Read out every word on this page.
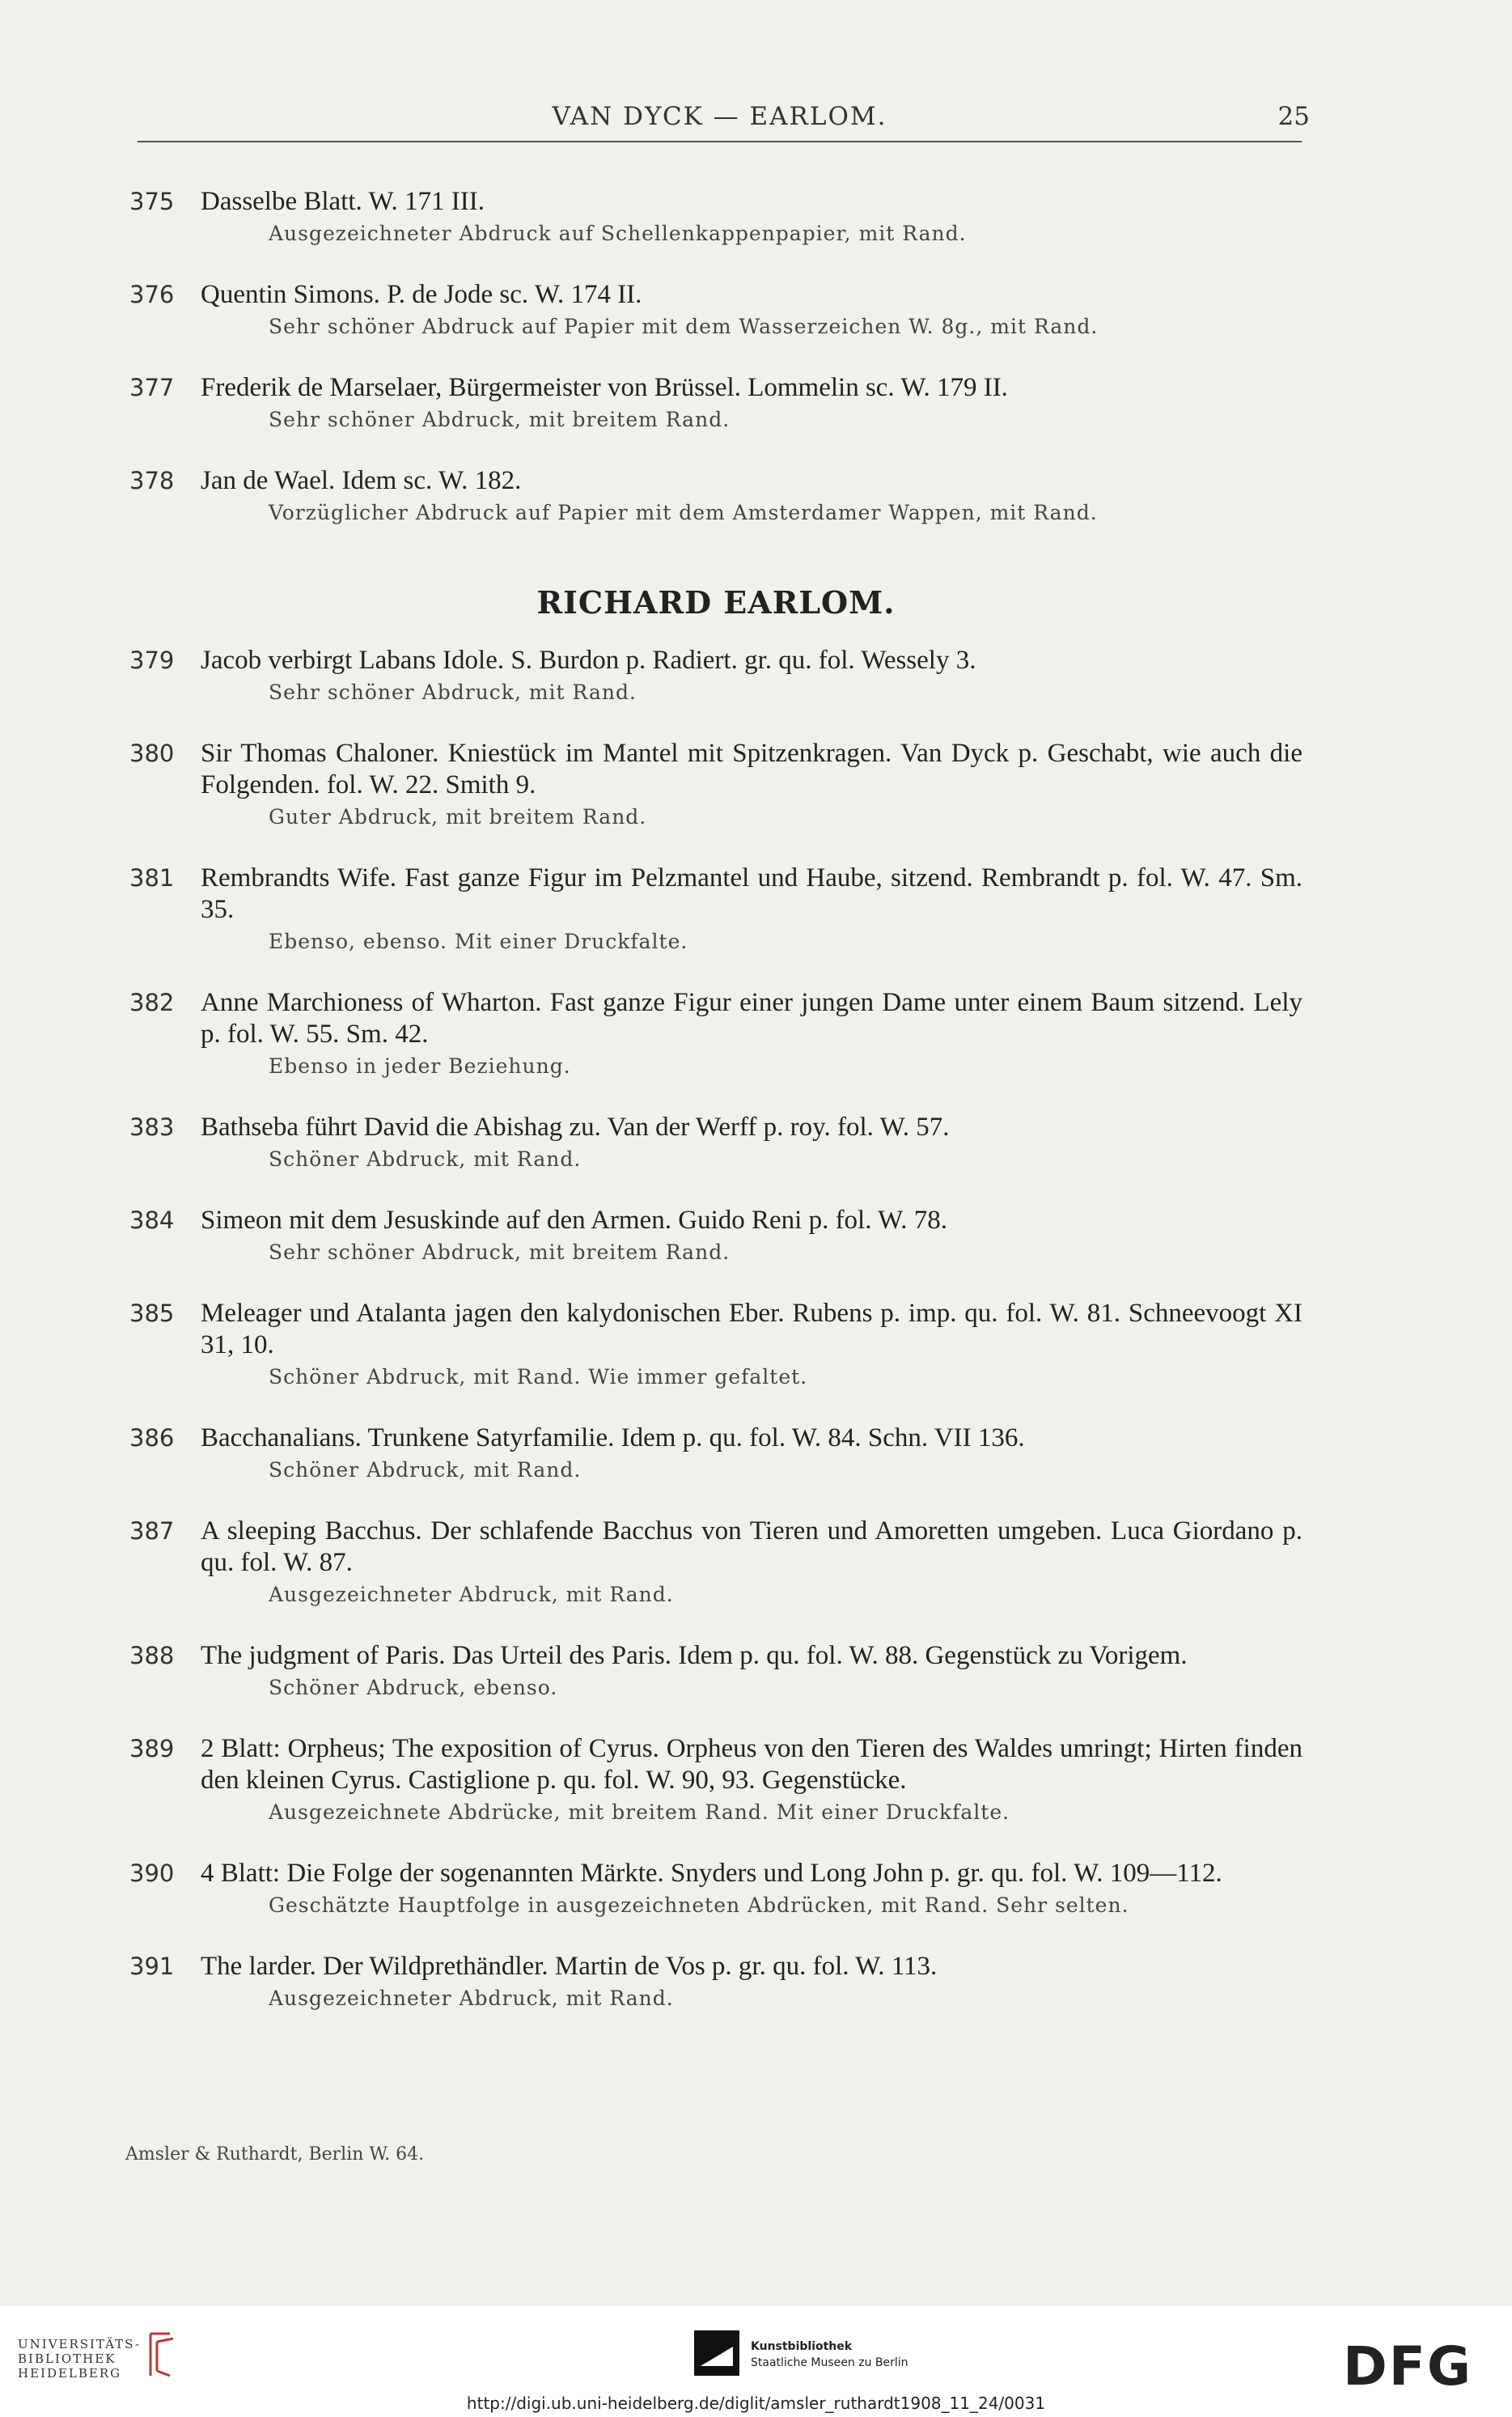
VAN DYCK — EARLOM.	25
375 Dasselbe Blatt. W. 171 III.
Ausgezeichneter Abdruck auf Schellenkappenpapier, mit Rand.
376 Quentin Simons. P. de Jode sc. W. 174 II.
Sehr schöner Abdruck auf Papier mit dem Wasserzeichen W. 8g., mit Rand.
377 Frederik de Marselaer, Bürgermeister von Brüssel. Lommelin sc. W. 179 II.
Sehr schöner Abdruck, mit breitem Rand.
378 Jan de Wael. Idem sc. W. 182.
Vorzüglicher Abdruck auf Papier mit dem Amsterdamer Wappen, mit Rand.
RICHARD EARLOM.
379 Jacob verbirgt Labans Idole. S. Burdon p. Radiert. gr. qu. fol. Wessely 3.
Sehr schöner Abdruck, mit Rand.
380 Sir Thomas Chaloner. Kniestück im Mantel mit Spitzenkragen. Van Dyck p. Geschabt, wie auch die Folgenden. fol. W. 22. Smith 9.
Guter Abdruck, mit breitem Rand.
381 Rembrandts Wife. Fast ganze Figur im Pelzmantel und Haube, sitzend. Rembrandt p. fol. W. 47. Sm. 35.
Ebenso, ebenso. Mit einer Druckfalte.
382 Anne Marchioness of Wharton. Fast ganze Figur einer jungen Dame unter einem Baum sitzend. Lely p. fol. W. 55. Sm. 42.
Ebenso in jeder Beziehung.
383 Bathseba führt David die Abishag zu. Van der Werff p. roy. fol. W. 57.
Schöner Abdruck, mit Rand.
384 Simeon mit dem Jesuskinde auf den Armen. Guido Reni p. fol. W. 78.
Sehr schöner Abdruck, mit breitem Rand.
385 Meleager und Atalanta jagen den kalydonischen Eber. Rubens p. imp. qu. fol. W. 81. Schneevoogt XI 31, 10.
Schöner Abdruck, mit Rand. Wie immer gefaltet.
386 Bacchanalians. Trunkene Satyrfamilie. Idem p. qu. fol. W. 84. Schn. VII 136.
Schöner Abdruck, mit Rand.
387 A sleeping Bacchus. Der schlafende Bacchus von Tieren und Amoretten umgeben. Luca Giordano p. qu. fol. W. 87.
Ausgezeichneter Abdruck, mit Rand.
388 The judgment of Paris. Das Urteil des Paris. Idem p. qu. fol. W. 88. Gegenstück zu Vorigem.
Schöner Abdruck, ebenso.
389 2 Blatt: Orpheus; The exposition of Cyrus. Orpheus von den Tieren des Waldes umringt; Hirten finden den kleinen Cyrus. Castiglione p. qu. fol. W. 90, 93. Gegenstücke.
Ausgezeichnete Abdrücke, mit breitem Rand. Mit einer Druckfalte.
390 4 Blatt: Die Folge der sogenannten Märkte. Snyders und Long John p. gr. qu. fol. W. 109—112.
Geschätzte Hauptfolge in ausgezeichneten Abdrücken, mit Rand. Sehr selten.
391 The larder. Der Wildprethändler. Martin de Vos p. gr. qu. fol. W. 113.
Ausgezeichneter Abdruck, mit Rand.
Amsler & Ruthardt, Berlin W. 64.
UNIVERSITÄTS-
BIBLIOTHEK
HEIDELBERG
Kunstbibliothek
Staatliche Museen zu Berlin	DFG
http://digi.ub.uni-heidelberg.de/diglit/amsler_ruthardt1908_11_24/0031
